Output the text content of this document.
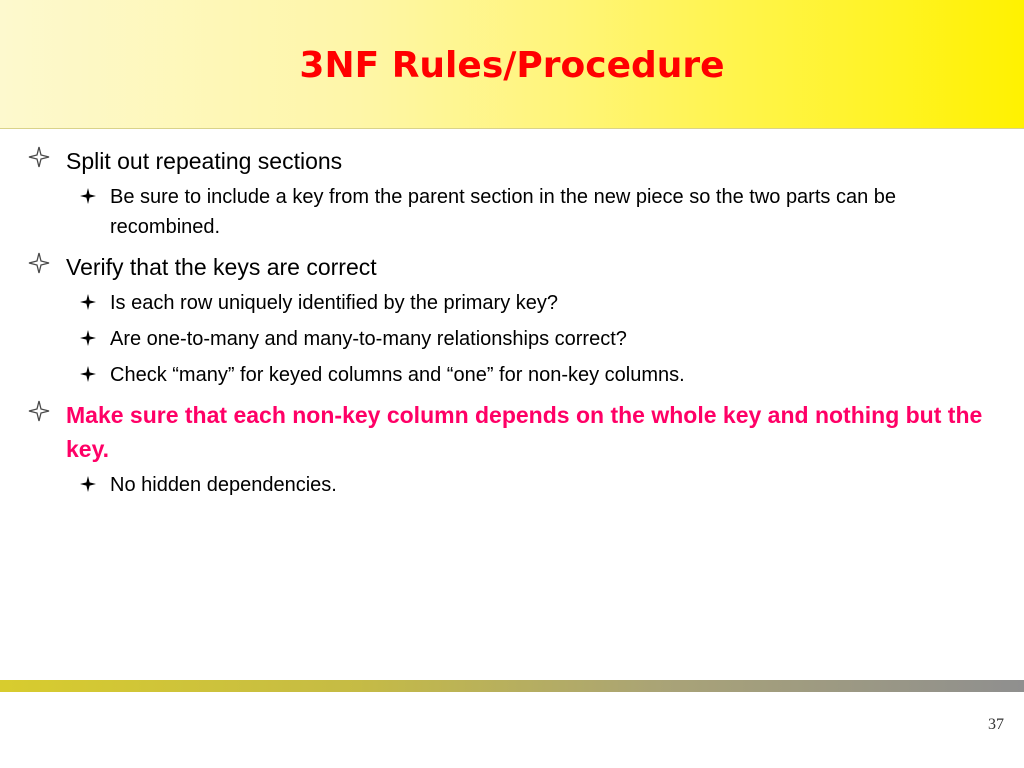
3NF Rules/Procedure
Split out repeating sections
Be sure to include a key from the parent section in the new piece so the two parts can be recombined.
Verify that the keys are correct
Is each row uniquely identified by the primary key?
Are one-to-many and many-to-many relationships correct?
Check “many” for keyed columns and “one” for non-key columns.
Make sure that each non-key column depends on the whole key and nothing but the key.
No hidden dependencies.
37
